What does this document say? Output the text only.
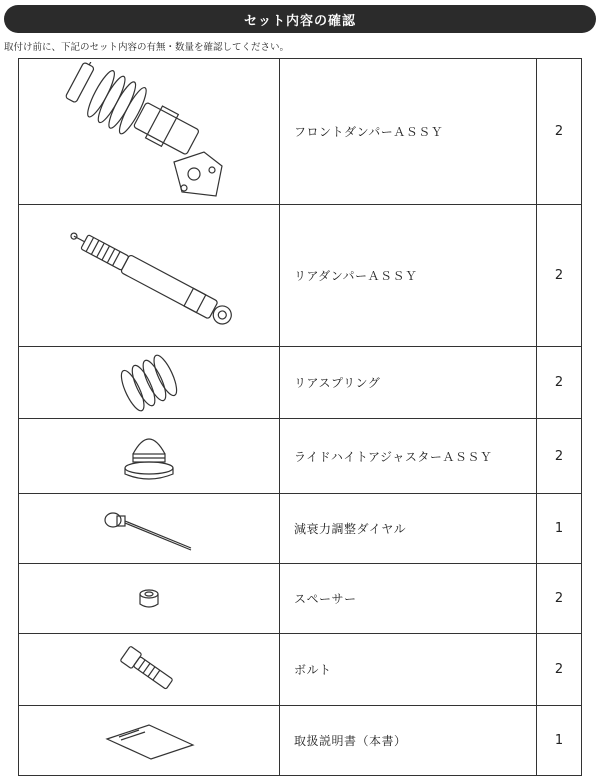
セット内容の確認
取付け前に、下記のセット内容の有無・数量を確認してください。
	フロントダンパーＡＳＳＹ	2

	リアダンパーＡＳＳＹ	2

	リアスプリング	2

	ライドハイトアジャスターＡＳＳＹ	2

	減衰力調整ダイヤル	1

	スペーサー	2

	ボルト	2

	取扱説明書（本書）	1
